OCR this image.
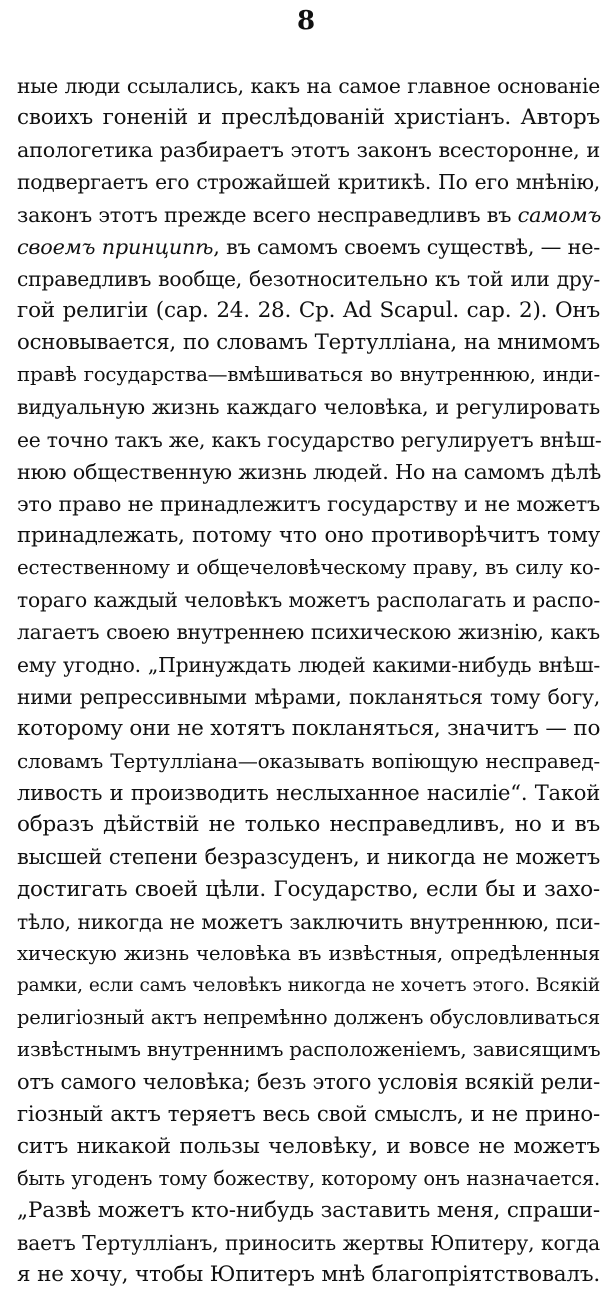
8
ные люди ссылались, какъ на самое главное основанiе
своихъ гоненiй и преслѣдованiй христiанъ. Авторъ
апологетика разбираетъ этотъ законъ всесторонне, и
подвергаетъ его строжайшей критикѣ. По его мнѣнiю,
законъ этотъ прежде всего несправедливъ въ самомъ
своемъ принципѣ, въ самомъ своемъ существѣ, — не-
справедливъ вообще, безотносительно къ той или дру-
гой религiи (cap. 24. 28. Cp. Ad Scapul. cap. 2). Онъ
основывается, по словамъ Тертулліана, на мнимомъ
правѣ государства—вмѣшиваться во внутреннюю, инди-
видуальную жизнь каждаго человѣка, и регулировать
ее точно такъ же, какъ государство регулируетъ внѣш-
нюю общественную жизнь людей. Но на самомъ дѣлѣ
это право не принадлежитъ государству и не можетъ
принадлежать, потому что оно противорѣчитъ тому
естественному и общечеловѣческому праву, въ силу ко-
тораго каждый человѣкъ можетъ располагать и распо-
лагаетъ своею внутреннею психическою жизнiю, какъ
ему угодно. „Принуждать людей какими-нибудь внѣш-
ними репрессивными мѣрами, покланяться тому богу,
которому они не хотятъ покланяться, значитъ — по
словамъ Тертулліана—оказывать вопiющую несправед-
ливость и производить неслыханное насилiе“. Такой
образъ дѣйствiй не только несправедливъ, но и въ
высшей степени безразсуденъ, и никогда не можетъ
достигать своей цѣли. Государство, если бы и захо-
тѣло, никогда не можетъ заключить внутреннюю, пси-
хическую жизнь человѣка въ извѣстныя, опредѣленныя
рамки, если самъ человѣкъ никогда не хочетъ этого. Всякiй
религiозный актъ непремѣнно долженъ обусловливаться
извѣстнымъ внутреннимъ расположенiемъ, зависящимъ
отъ самого человѣка; безъ этого условiя всякiй рели-
гiозный актъ теряетъ весь свой смыслъ, и не прино-
ситъ никакой пользы человѣку, и вовсе не можетъ
быть угоденъ тому божеству, которому онъ назначается.
„Развѣ можетъ кто-нибудь заставить меня, спраши-
ваетъ Тертулліанъ, приносить жертвы Юпитеру, когда
я не хочу, чтобы Юпитеръ мнѣ благопрiятствовалъ.
